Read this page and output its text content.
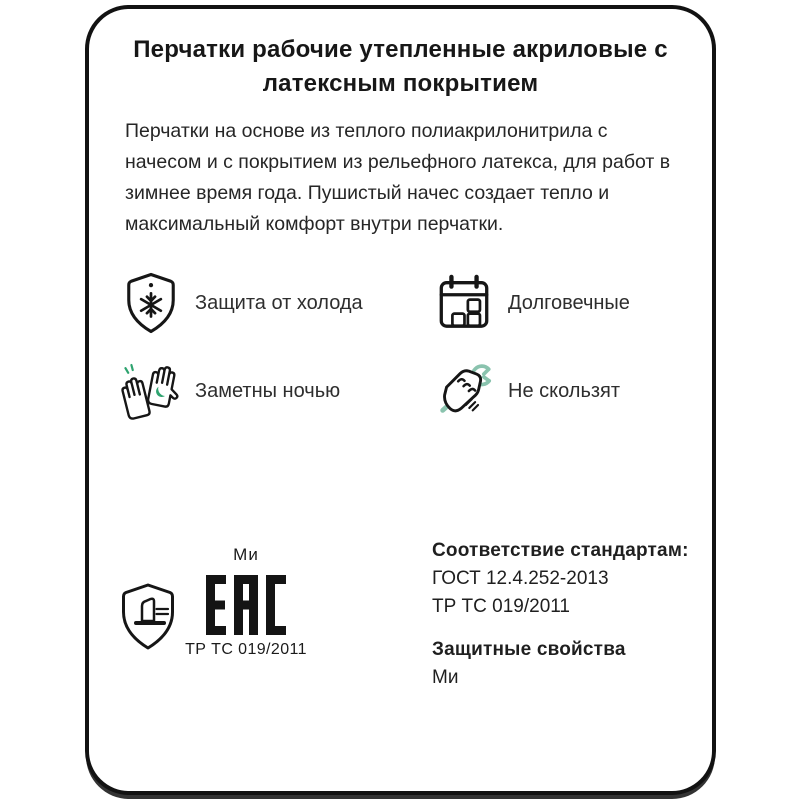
Перчатки рабочие утепленные акриловые с латексным покрытием

Перчатки на основе из теплого полиакрилонитрила с начесом и с покрытием из рельефного латекса, для работ в зимнее время года. Пушистый начес создает тепло и максимальный комфорт внутри перчатки.

Защита от холода	Долговечные
Заметны ночью	Не скользят
Ми
ТР ТС 019/2011
Соответствие стандартам:
ГОСТ 12.4.252-2013
ТР ТС 019/2011
Защитные свойства
Ми
